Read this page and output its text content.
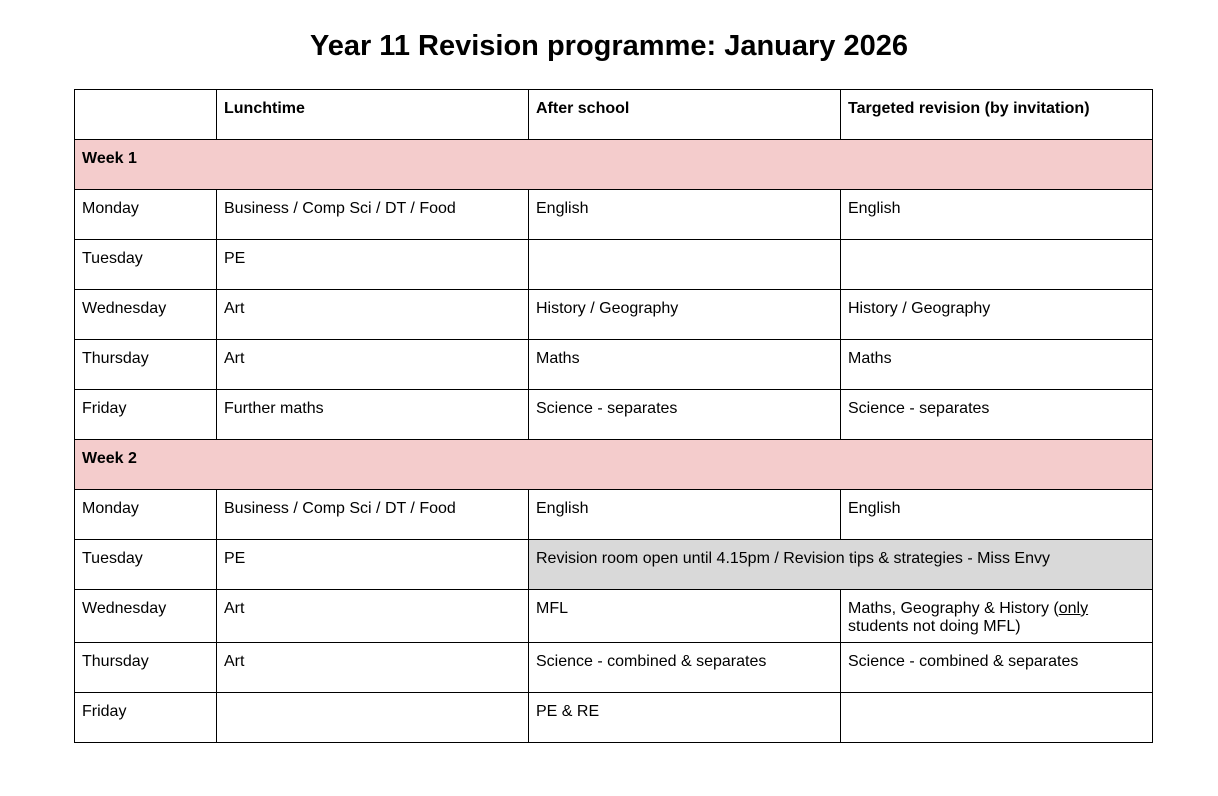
Year 11 Revision programme: January 2026
	Lunchtime	After school	Targeted revision (by invitation)
Week 1			
Monday	Business / Comp Sci / DT / Food	English	English
Tuesday	PE		
Wednesday	Art	History / Geography	History / Geography
Thursday	Art	Maths	Maths
Friday	Further maths	Science - separates	Science - separates
Week 2			
Monday	Business / Comp Sci / DT / Food	English	English
Tuesday	PE	Revision room open until 4.15pm / Revision tips & strategies - Miss Envy	
Wednesday	Art	MFL	Maths, Geography & History (only students not doing MFL)
Thursday	Art	Science - combined & separates	Science - combined & separates
Friday		PE & RE	
